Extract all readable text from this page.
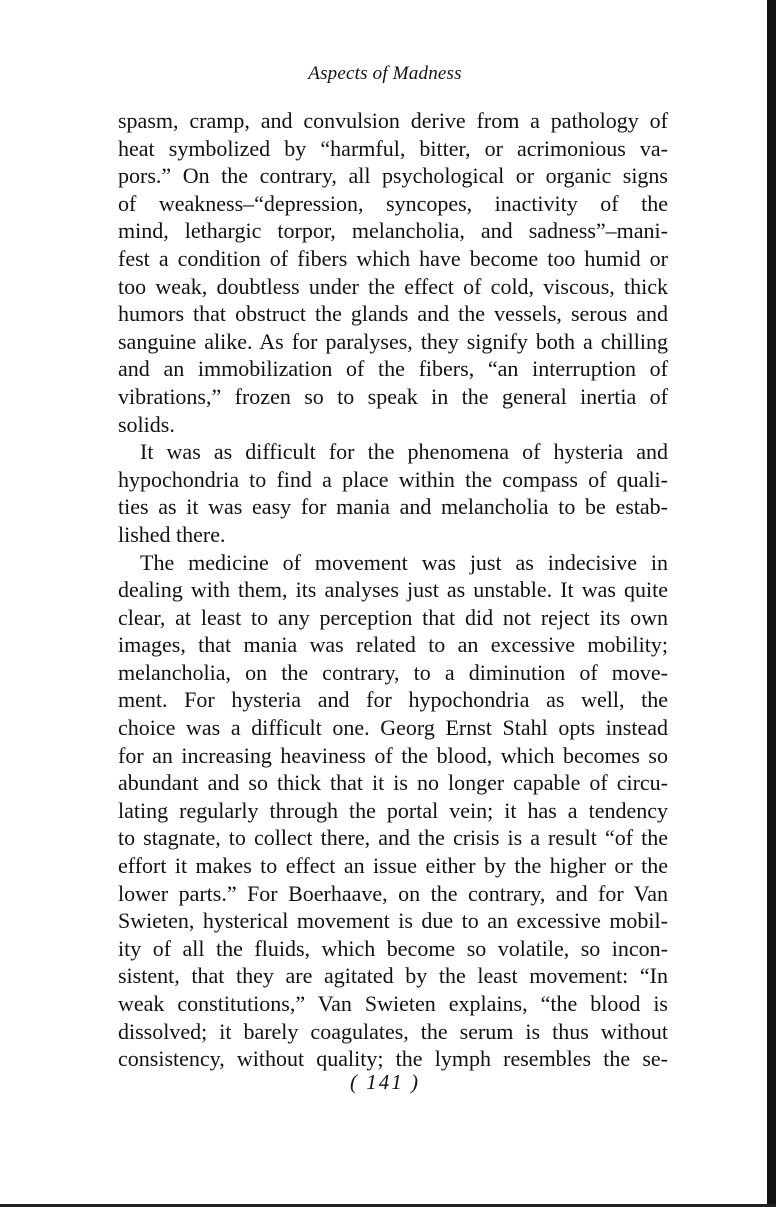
Aspects of Madness
spasm, cramp, and convulsion derive from a pathology of
heat symbolized by “harmful, bitter, or acrimonious va-
pors.” On the contrary, all psychological or organic signs
of weakness–“depression, syncopes, inactivity of the
mind, lethargic torpor, melancholia, and sadness”–mani-
fest a condition of fibers which have become too humid or
too weak, doubtless under the effect of cold, viscous, thick
humors that obstruct the glands and the vessels, serous and
sanguine alike. As for paralyses, they signify both a chilling
and an immobilization of the fibers, “an interruption of
vibrations,” frozen so to speak in the general inertia of
solids.
It was as difficult for the phenomena of hysteria and
hypochondria to find a place within the compass of quali-
ties as it was easy for mania and melancholia to be estab-
lished there.
The medicine of movement was just as indecisive in
dealing with them, its analyses just as unstable. It was quite
clear, at least to any perception that did not reject its own
images, that mania was related to an excessive mobility;
melancholia, on the contrary, to a diminution of move-
ment. For hysteria and for hypochondria as well, the
choice was a difficult one. Georg Ernst Stahl opts instead
for an increasing heaviness of the blood, which becomes so
abundant and so thick that it is no longer capable of circu-
lating regularly through the portal vein; it has a tendency
to stagnate, to collect there, and the crisis is a result “of the
effort it makes to effect an issue either by the higher or the
lower parts.” For Boerhaave, on the contrary, and for Van
Swieten, hysterical movement is due to an excessive mobil-
ity of all the fluids, which become so volatile, so incon-
sistent, that they are agitated by the least movement: “In
weak constitutions,” Van Swieten explains, “the blood is
dissolved; it barely coagulates, the serum is thus without
consistency, without quality; the lymph resembles the se-
( 141 )
